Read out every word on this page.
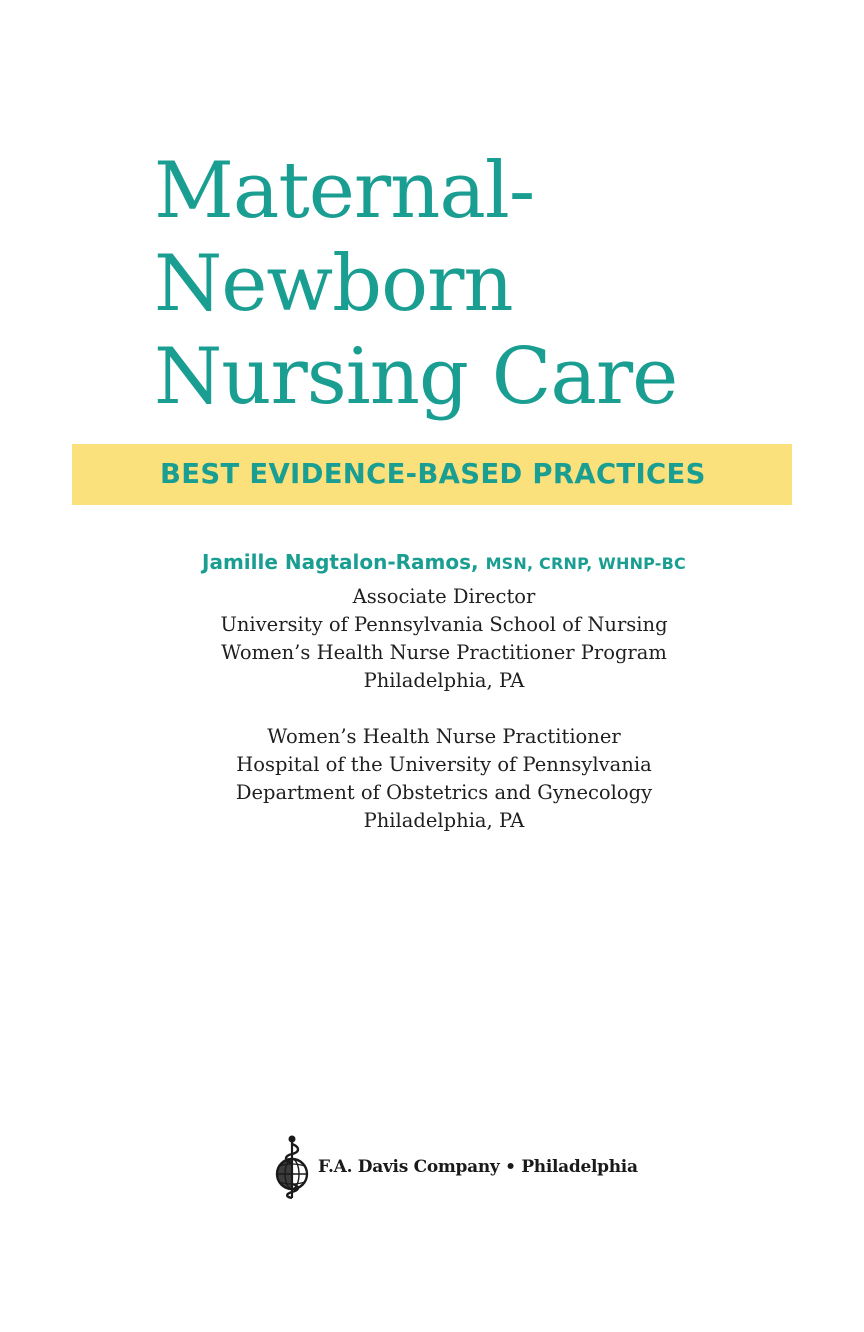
Maternal-
Newborn
Nursing Care

BEST EVIDENCE-BASED PRACTICES

Jamille Nagtalon-Ramos, MSN, CRNP, WHNP-BC
Associate Director
University of Pennsylvania School of Nursing
Women’s Health Nurse Practitioner Program
Philadelphia, PA
Women’s Health Nurse Practitioner
Hospital of the University of Pennsylvania
Department of Obstetrics and Gynecology
Philadelphia, PA
F.A. Davis Company • Philadelphia
